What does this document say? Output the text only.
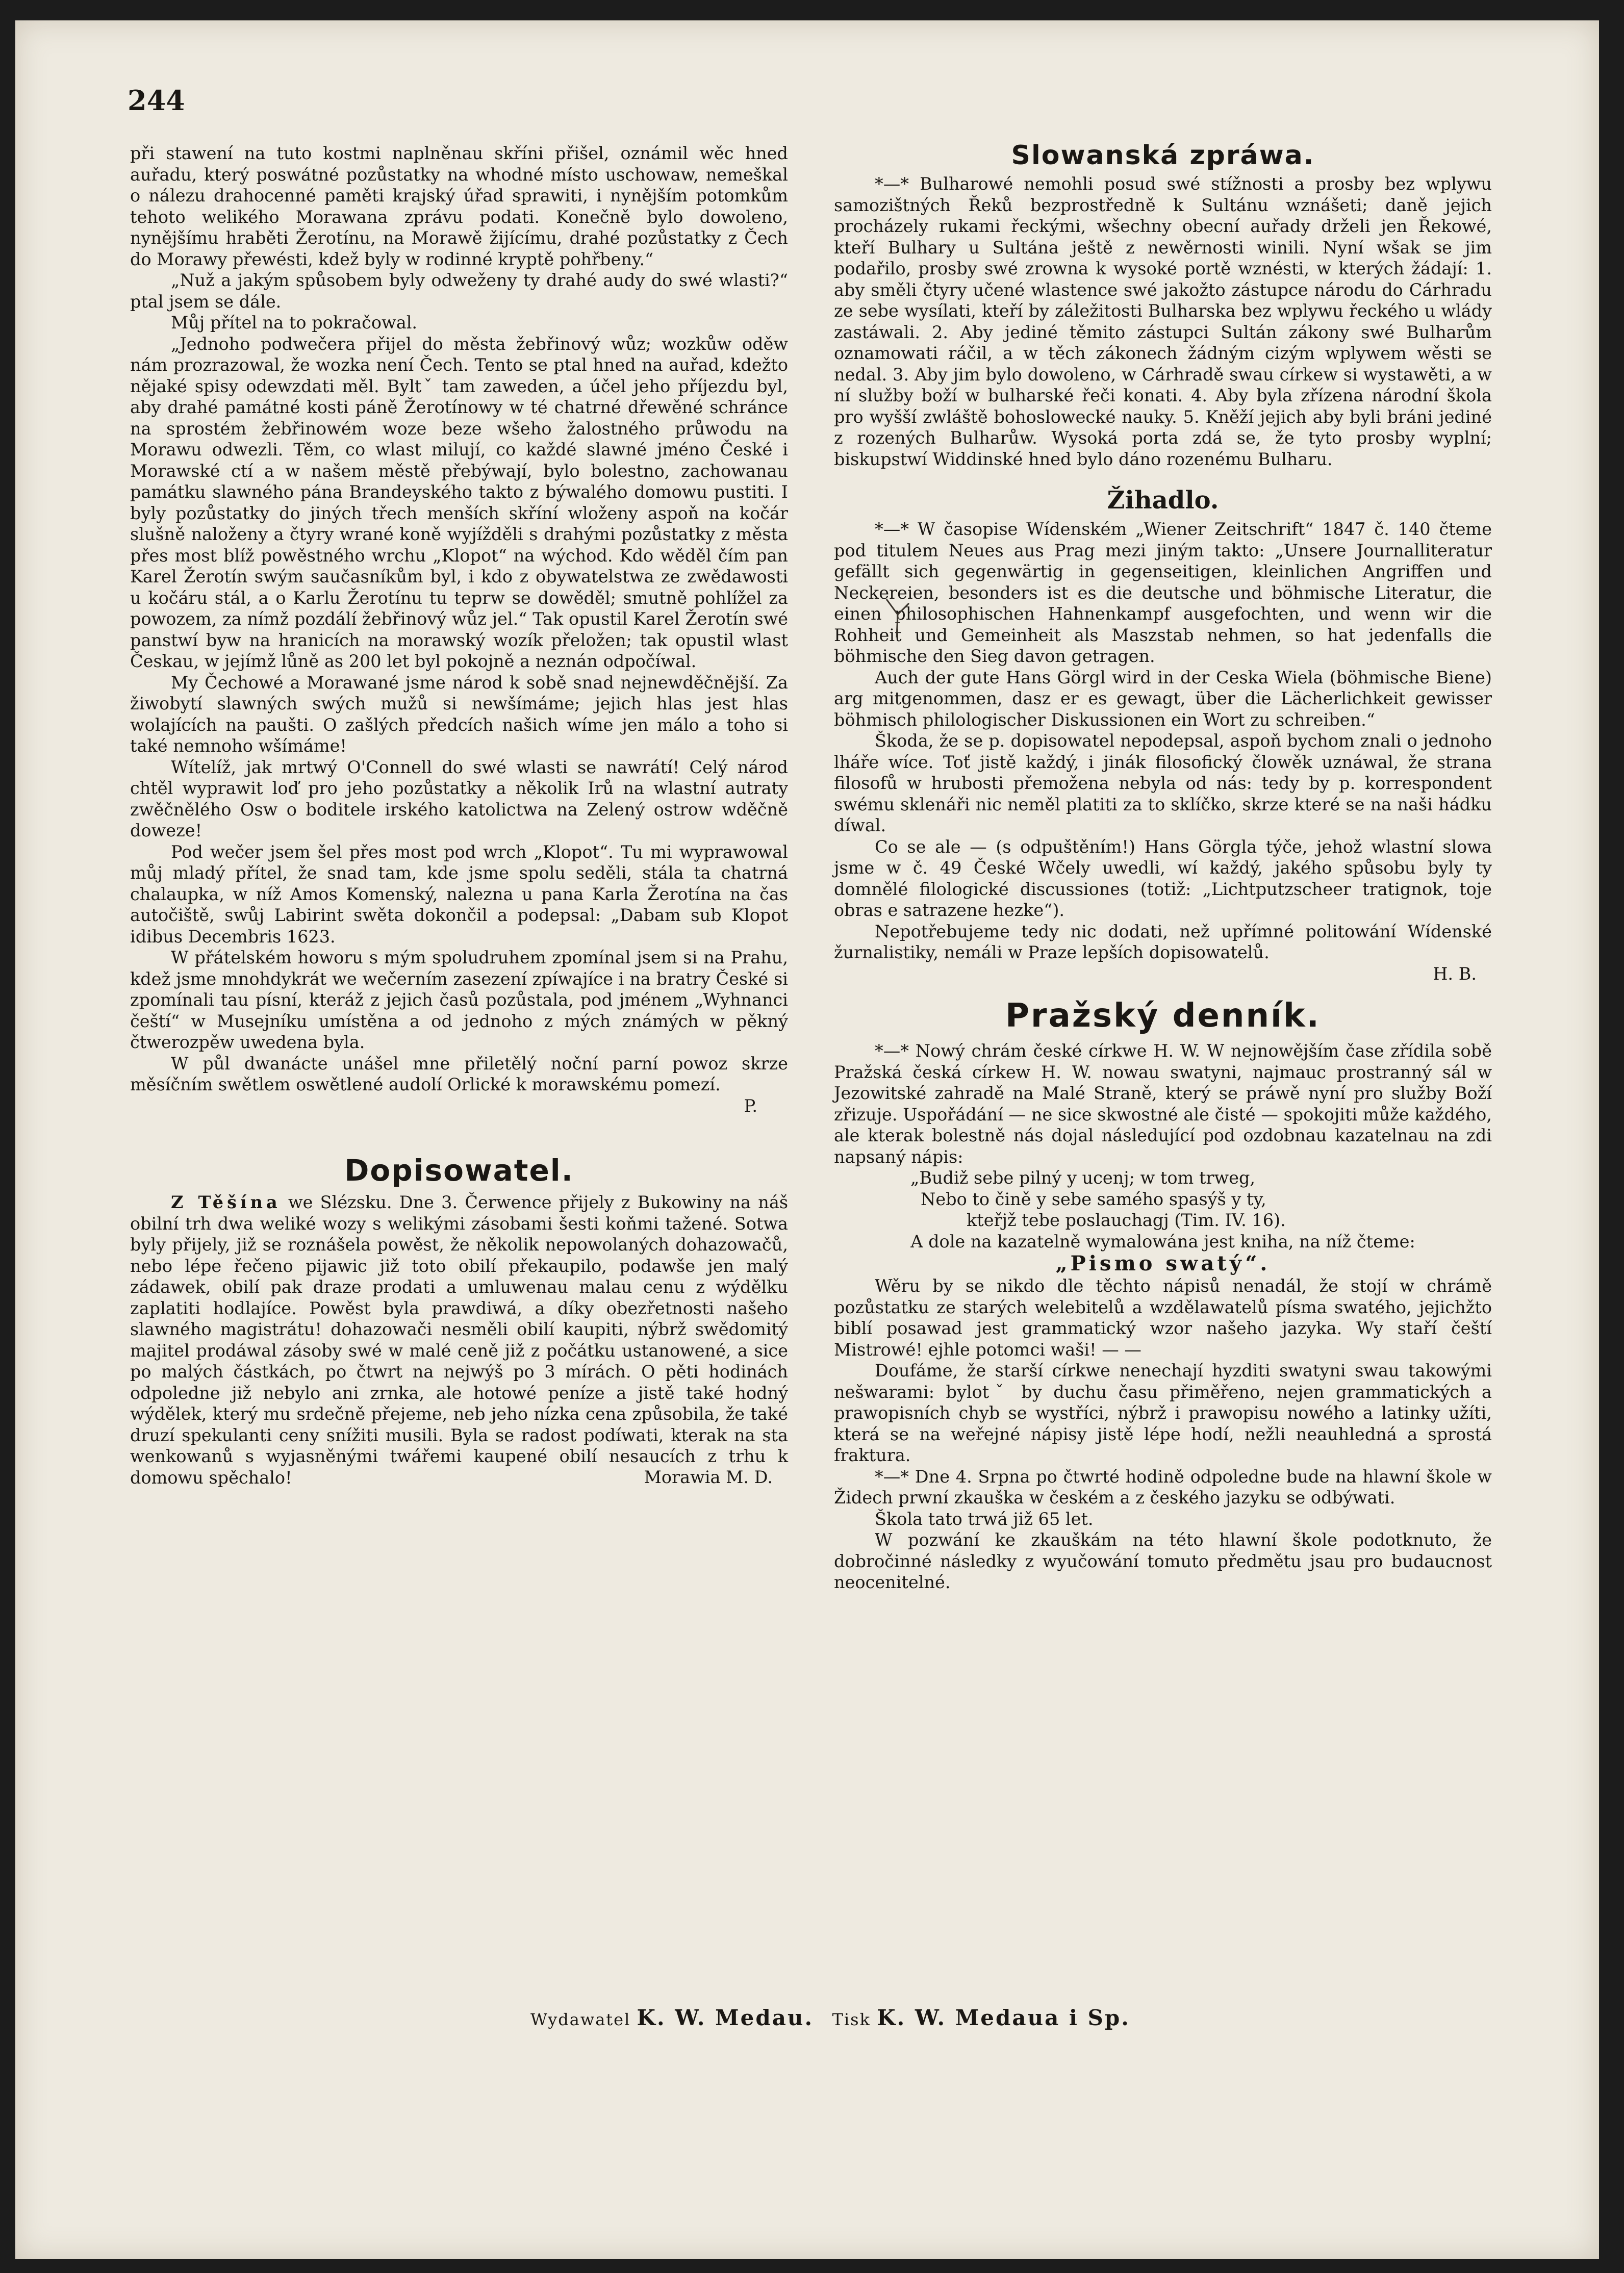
244

při stawení na tuto kostmi naplněnau skříni přišel, oznámil wěc hned auřadu, který poswátné pozůstatky na whodné místo uschowaw, nemeškal o nálezu drahocenné paměti krajský úřad sprawiti, i nynějším potomkům tehoto welikého Morawana zprávu podati. Konečně bylo dowoleno, nynějšímu hraběti Žerotínu, na Morawě žijícímu, drahé pozůstatky z Čech do Morawy přewésti, kdež byly w rodinné kryptě pohřbeny.“

„Nuž a jakým spůsobem byly odweženy ty drahé audy do swé wlasti?“ ptal jsem se dále.

Můj přítel na to pokračowal.

„Jednoho podwečera přijel do města žebřinový wůz; wozkůw oděw nám prozrazowal, že wozka není Čech. Tento se ptal hned na auřad, kdežto nějaké spisy odewzdati měl. Byltˇ tam zaweden, a účel jeho příjezdu byl, aby drahé památné kosti páně Žerotínowy w té chatrné dřewěné schránce na sprostém žebřinowém woze beze wšeho žalostného průwodu na Morawu odwezli. Těm, co wlast milují, co každé slawné jméno České i Morawské ctí a w našem městě přebýwají, bylo bolestno, zachowanau památku slawného pána Brandeyského takto z býwalého domowu pustiti. I byly pozůstatky do jiných třech menších skříní wloženy aspoň na kočár slušně naloženy a čtyry wrané koně wyjížděli s drahými pozůstatky z města přes most blíž powěstného wrchu „Klopot“ na wýchod. Kdo wěděl čím pan Karel Žerotín swým saučasníkům byl, i kdo z obywatelstwa ze zwědawosti u kočáru stál, a o Karlu Žerotínu tu teprw se dowěděl; smutně pohlížel za powozem, za nímž pozdálí žebřinový wůz jel.“ Tak opustil Karel Žerotín swé panstwí byw na hranicích na morawský wozík přeložen; tak opustil wlast Českau, w jejímž lůně as 200 let byl pokojně a neznán odpočíwal.

My Čechowé a Morawané jsme národ k sobě snad nejnewděčnější. Za žiwobytí slawných swých mužů si newšímáme; jejich hlas jest hlas wolajících na paušti. O zašlých předcích našich wíme jen málo a toho si také nemnoho wšímáme!

Wítelíž, jak mrtwý O'Connell do swé wlasti se nawrátí! Celý národ chtěl wyprawit loď pro jeho pozůstatky a několik Irů na wlastní autraty zwěčnělého Osw o boditele irského katolictwa na Zelený ostrow wděčně doweze!

Pod wečer jsem šel přes most pod wrch „Klopot“. Tu mi wyprawowal můj mladý přítel, že snad tam, kde jsme spolu seděli, stála ta chatrná chalaupka, w níž Amos Komenský, nalezna u pana Karla Žerotína na čas autočiště, swůj Labirint swěta dokončil a podepsal: „Dabam sub Klopot idibus Decembris 1623.

W přátelském howoru s mým spoludruhem zpomínal jsem si na Prahu, kdež jsme mnohdykrát we wečerním zasezení zpíwajíce i na bratry České si zpomínali tau písní, kteráž z jejich časů pozůstala, pod jménem „Wyhnanci čeští“ w Musejníku umístěna a od jednoho z mých známých w pěkný čtwerozpěw uwedena byla.

W půl dwanácte unášel mne přiletělý noční parní powoz skrze měsíčním swětlem oswětlené audolí Orlické k morawskému pomezí.

P.

Dopisowatel.

Z Těšína we Slézsku. Dne 3. Čerwence přijely z Bukowiny na náš obilní trh dwa weliké wozy s welikými zásobami šesti koňmi tažené. Sotwa byly přijely, již se roznášela powěst, že několik nepowolaných dohazowačů, nebo lépe řečeno pijawic již toto obilí překaupilo, podawše jen malý zádawek, obilí pak draze prodati a umluwenau malau cenu z wýdělku zaplatiti hodlajíce. Powěst byla prawdiwá, a díky obezřetnosti našeho slawného magistrátu! dohazowači nesměli obilí kaupiti, nýbrž swědomitý majitel prodáwal zásoby swé w malé ceně již z počátku ustanowené, a sice po malých částkách, po čtwrt na nejwýš po 3 mírách. O pěti hodinách odpoledne již nebylo ani zrnka, ale hotowé peníze a jistě také hodný wýdělek, který mu srdečně přejeme, neb jeho nízka cena způsobila, že také druzí spekulanti ceny snížiti musili. Byla se radost podíwati, kterak na sta wenkowanů s wyjasněnými twářemi kaupené obilí nesaucích z trhu k domowu spěchalo!	Morawia M. D.

Slowanská zpráwa.

*—* Bulharowé nemohli posud swé stížnosti a prosby bez wplywu samozištných Řeků bezprostředně k Sultánu wznášeti; daně jejich procházely rukami řeckými, wšechny obecní auřady drželi jen Řekowé, kteří Bulhary u Sultána ještě z newěrnosti winili. Nyní wšak se jim podařilo, prosby swé zrowna k wysoké portě wznésti, w kterých žádají: 1. aby směli čtyry učené wlastence swé jakožto zástupce národu do Cárhradu ze sebe wysílati, kteří by záležitosti Bulharska bez wplywu řeckého u wlády zastáwali. 2. Aby jediné těmito zástupci Sultán zákony swé Bulharům oznamowati ráčil, a w těch zákonech žádným cizým wplywem wěsti se nedal. 3. Aby jim bylo dowoleno, w Cárhradě swau církew si wystawěti, a w ní služby boží w bulharské řeči konati. 4. Aby byla zřízena národní škola pro wyšší zwláště bohoslowecké nauky. 5. Kněží jejich aby byli bráni jediné z rozených Bulharůw. Wysoká porta zdá se, že tyto prosby wyplní; biskupstwí Widdinské hned bylo dáno rozenému Bulharu.

Žihadlo.

*—* W časopise Wídenském „Wiener Zeitschrift“ 1847 č. 140 čteme pod titulem Neues aus Prag mezi jiným takto: „Unsere Journalliteratur gefällt sich gegenwärtig in gegenseitigen, kleinlichen Angriffen und Neckereien, besonders ist es die deutsche und böhmische Literatur, die einen philosophischen Hahnenkampf ausgefochten, und wenn wir die Rohheit und Gemeinheit als Maszstab nehmen, so hat jedenfalls die böhmische den Sieg davon getragen.

Auch der gute Hans Görgl wird in der Ceska Wiela (böhmische Biene) arg mitgenommen, dasz er es gewagt, über die Lächerlichkeit gewisser böhmisch philologischer Diskussionen ein Wort zu schreiben.“

Škoda, že se p. dopisowatel nepodepsal, aspoň bychom znali o jednoho lháře wíce. Toť jistě každý, i jinák filosofický člowěk uznáwal, že strana filosofů w hrubosti přemožena nebyla od nás: tedy by p. korrespondent swému sklenáři nic neměl platiti za to sklíčko, skrze které se na naši hádku díwal.

Co se ale — (s odpuštěním!) Hans Görgla týče, jehož wlastní slowa jsme w č. 49 České Wčely uwedli, wí každý, jakého spůsobu byly ty domnělé filologické discussiones (totiž: „Lichtputzscheer tratignok, toje obras e satrazene hezke“).

Nepotřebujeme tedy nic dodati, než upřímné politowání Wídenské žurnalistiky, nemáli w Praze lepších dopisowatelů.

H. B.

Pražský denník.

*—* Nowý chrám české církwe H. W. W nejnowějším čase zřídila sobě Pražská česká církew H. W. nowau swatyni, najmauc prostranný sál w Jezowitské zahradě na Malé Straně, který se práwě nyní pro služby Boží zřizuje. Uspořádání — ne sice skwostné ale čisté — spokojiti může každého, ale kterak bolestně nás dojal následující pod ozdobnau kazatelnau na zdi napsaný nápis:

„Budiž sebe pilný y ucenj; w tom trweg,

Nebo to čině y sebe samého spasýš y ty,

kteřjž tebe poslauchagj (Tim. IV. 16).

A dole na kazatelně wymalowána jest kniha, na níž čteme:

„Pismo swatý“.

Wěru by se nikdo dle těchto nápisů nenadál, že stojí w chrámě pozůstatku ze starých welebitelů a wzdělawatelů písma swatého, jejichžto biblí posawad jest grammatický wzor našeho jazyka. Wy staří čeští Mistrowé! ejhle potomci waši! — —

Doufáme, že starší církwe nenechají hyzditi swatyni swau takowými nešwarami: bylotˇ by duchu času přiměřeno, nejen grammatických a prawopisních chyb se wystříci, nýbrž i prawopisu nowého a latinky užíti, která se na weřejné nápisy jistě lépe hodí, nežli neauhledná a sprostá fraktura.

*—* Dne 4. Srpna po čtwrté hodině odpoledne bude na hlawní škole w Židech prwní zkauška w českém a z českého jazyku se odbýwati.

Škola tato trwá již 65 let.

W pozwání ke zkauškám na této hlawní škole podotknuto, že dobročinné následky z wyučowání tomuto předmětu jsau pro budaucnost neocenitelné.

Wydawatel K. W. Medau. Tisk K. W. Medaua i Sp.
